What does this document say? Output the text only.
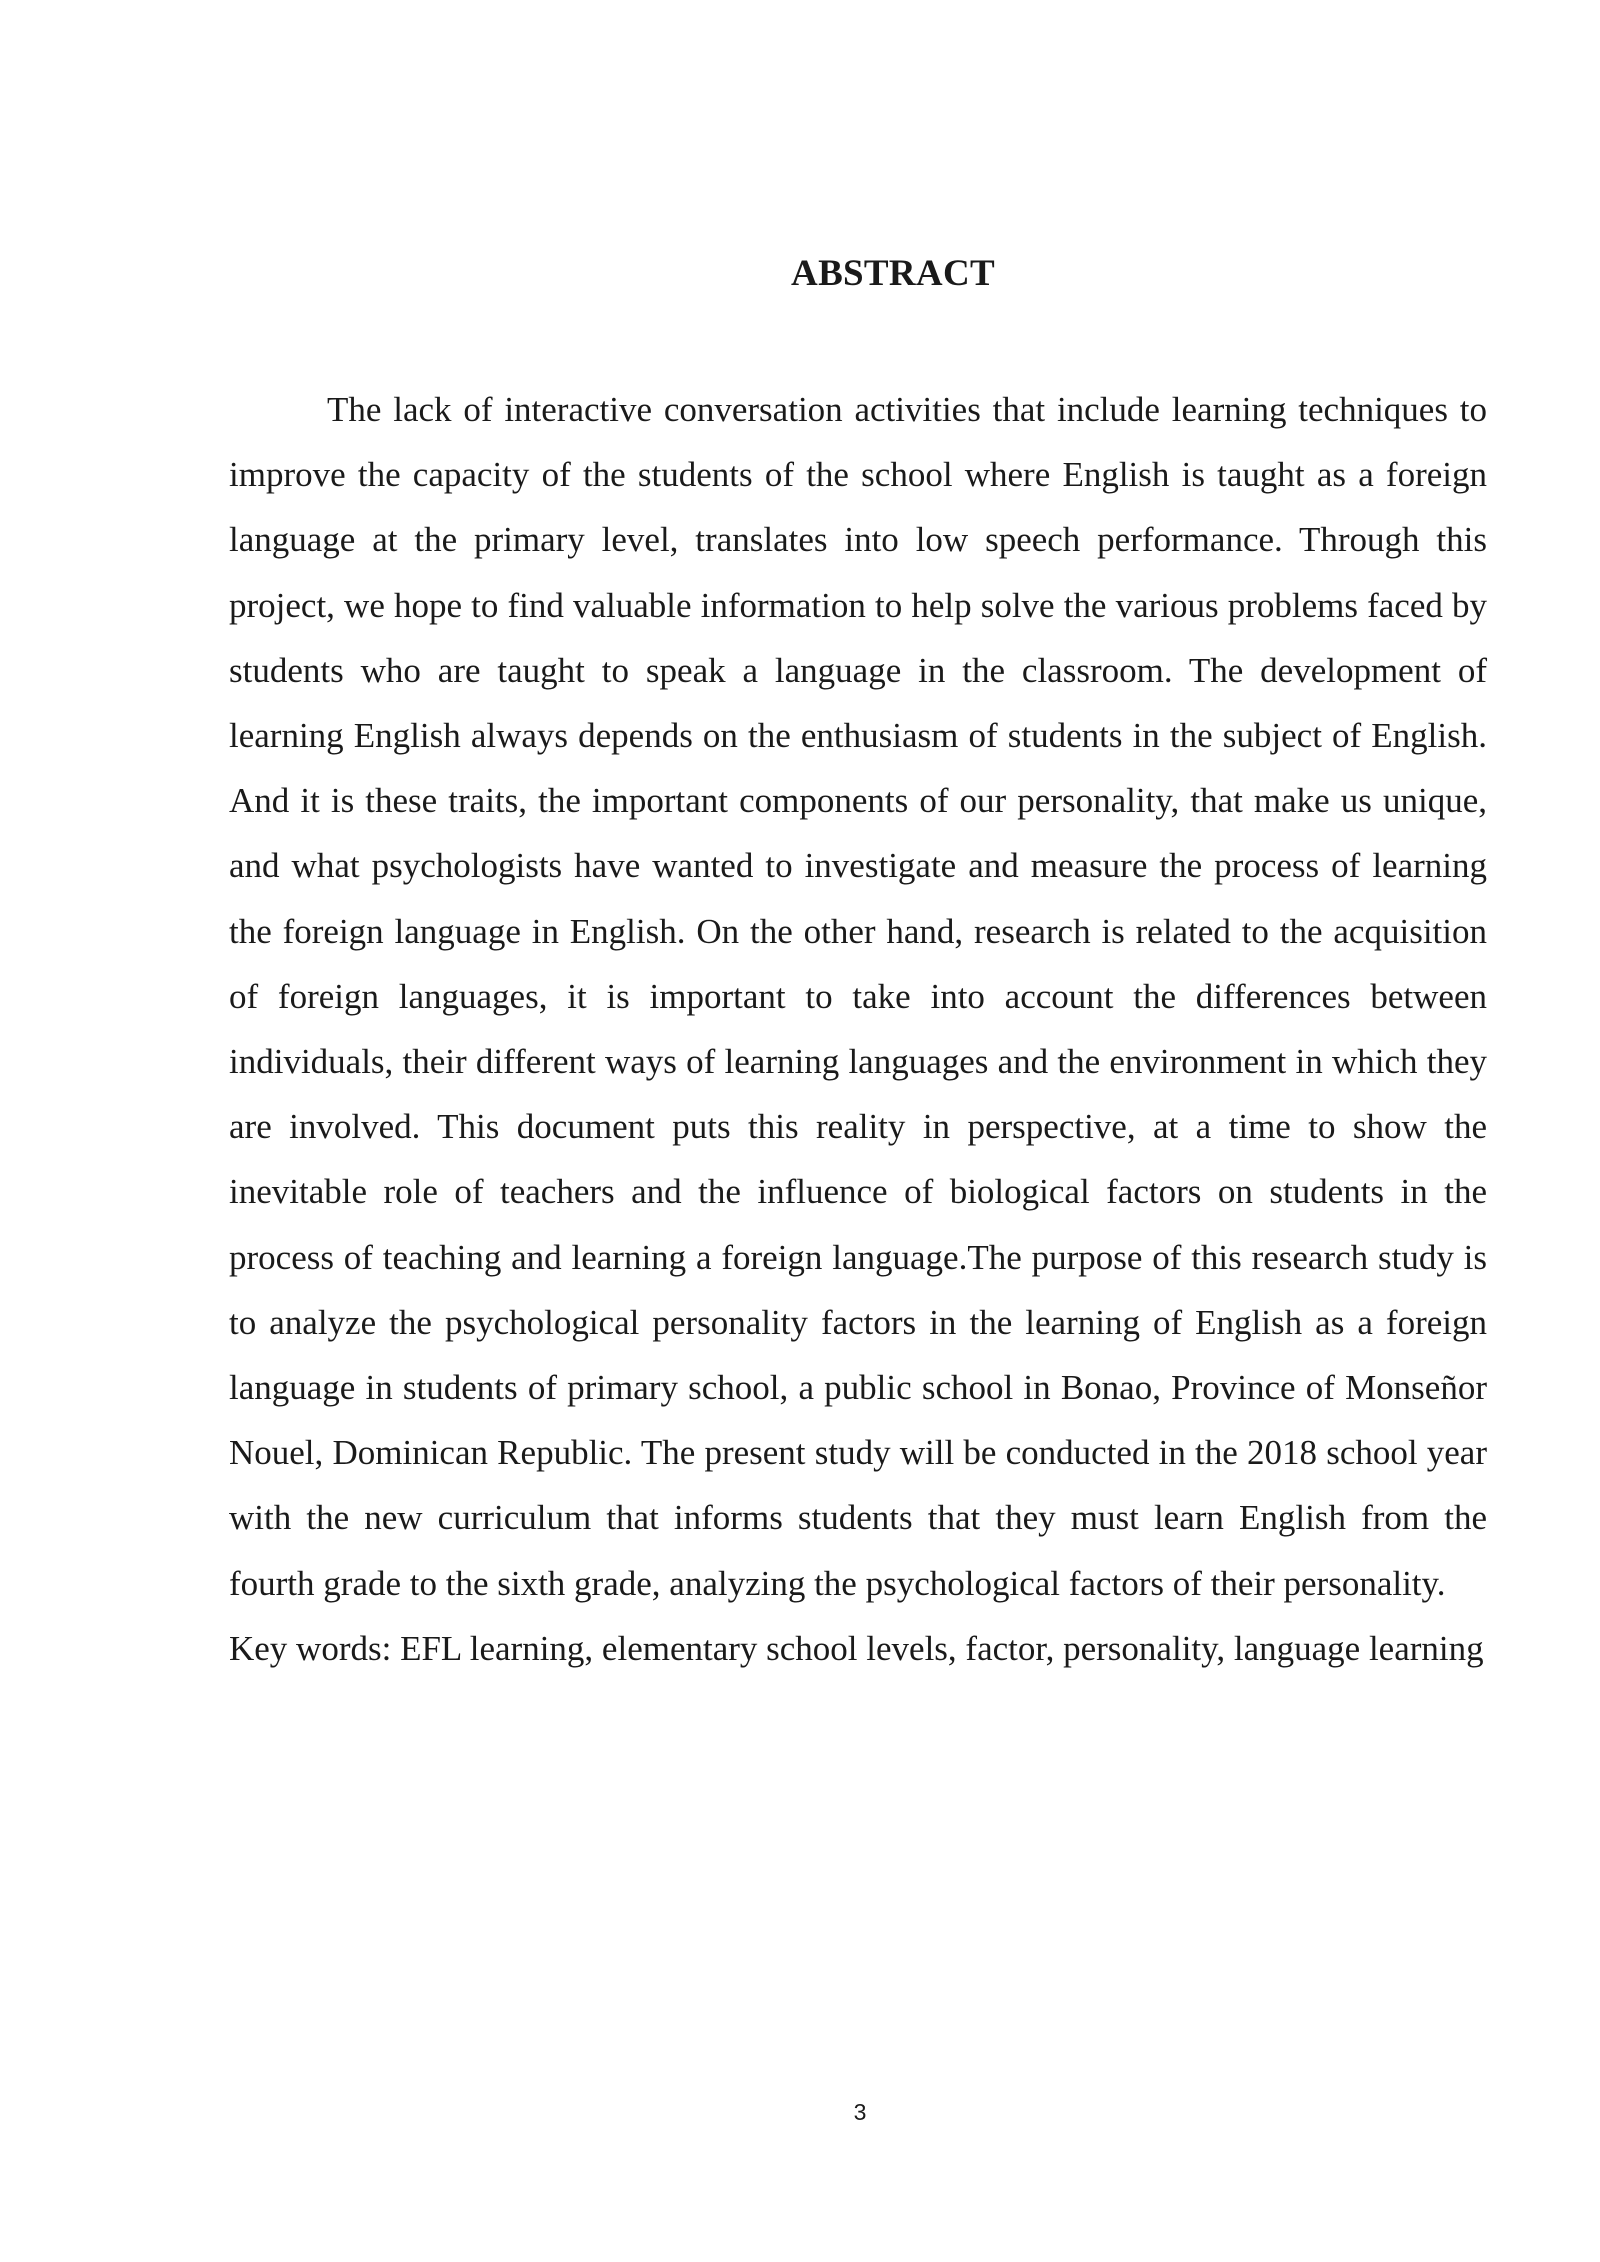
ABSTRACT

The lack of interactive conversation activities that include learning techniques to improve the capacity of the students of the school where English is taught as a foreign language at the primary level, translates into low speech performance. Through this project, we hope to find valuable information to help solve the various problems faced by students who are taught to speak a language in the classroom. The development of learning English always depends on the enthusiasm of students in the subject of English. And it is these traits, the important components of our personality, that make us unique, and what psychologists have wanted to investigate and measure the process of learning the foreign language in English. On the other hand, research is related to the acquisition of foreign languages, it is important to take into account the differences between individuals, their different ways of learning languages and the environment in which they are involved. This document puts this reality in perspective, at a time to show the inevitable role of teachers and the influence of biological factors on students in the process of teaching and learning a foreign language.The purpose of this research study is to analyze the psychological personality factors in the learning of English as a foreign language in students of primary school, a public school in Bonao, Province of Monseñor Nouel, Dominican Republic. The present study will be conducted in the 2018 school year with the new curriculum that informs students that they must learn English from the fourth grade to the sixth grade, analyzing the psychological factors of their personality.

Key words: EFL learning, elementary school levels, factor, personality, language learning

3
